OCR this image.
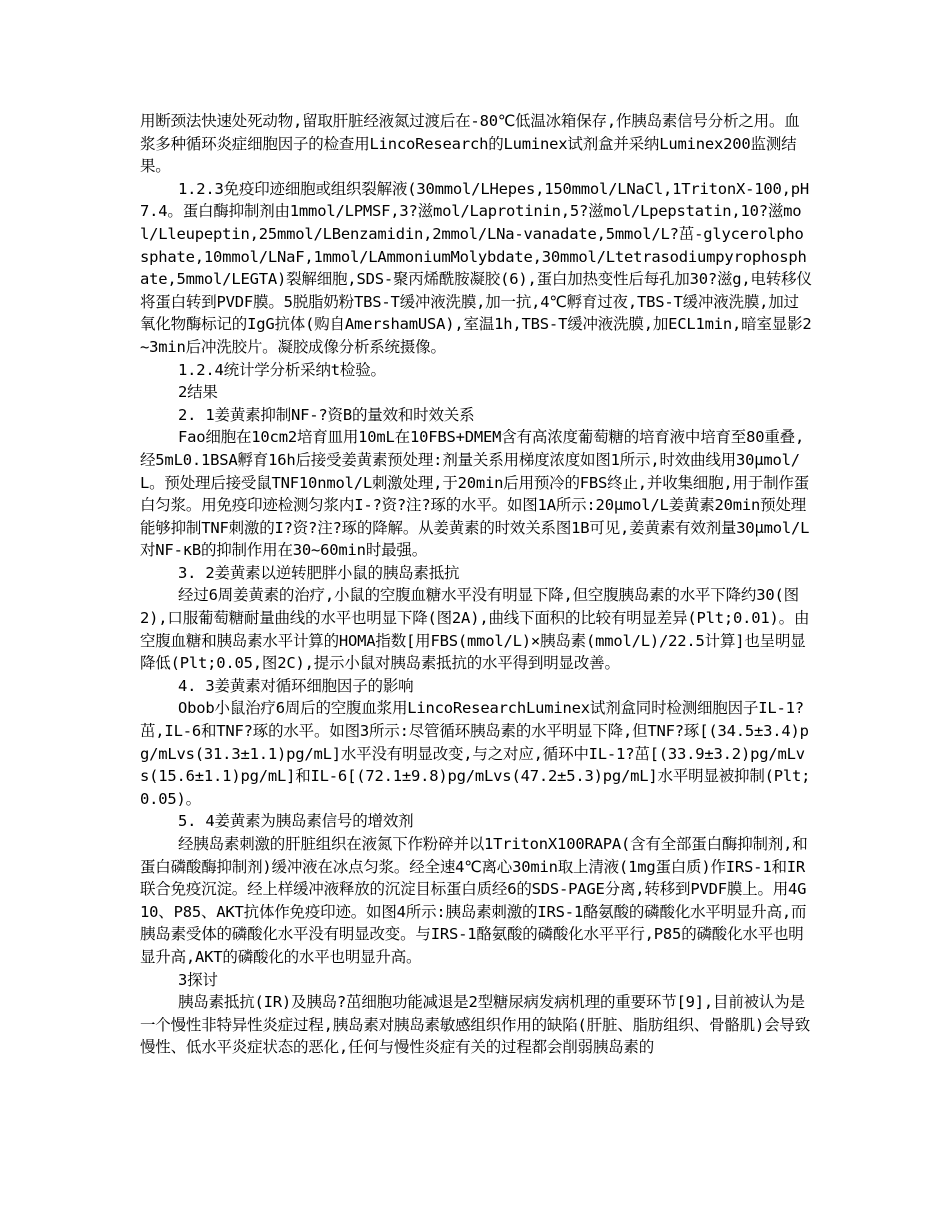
用断颈法快速处死动物,留取肝脏经液氮过渡后在-80℃低温冰箱保存,作胰岛素信号分析之用。血浆多种循环炎症细胞因子的检查用LincoResearch的Luminex试剂盒并采纳Luminex200监测结果。

1.2.3免疫印迹细胞或组织裂解液(30mmol/LHepes,150mmol/LNaCl,1TritonX-100,pH7.4。蛋白酶抑制剂由1mmol/LPMSF,3?滋mol/Laprotinin,5?滋mol/Lpepstatin,10?滋mol/Lleupeptin,25mmol/LBenzamidin,2mmol/LNa-vanadate,5mmol/L?茁-glycerolphosphate,10mmol/LNaF,1mmol/LAmmoniumMolybdate,30mmol/Ltetrasodiumpyrophosphate,5mmol/LEGTA)裂解细胞,SDS-聚丙烯酰胺凝胶(6),蛋白加热变性后每孔加30?滋g,电转移仪将蛋白转到PVDF膜。5脱脂奶粉TBS-T缓冲液洗膜,加一抗,4℃孵育过夜,TBS-T缓冲液洗膜,加过氧化物酶标记的IgG抗体(购自AmershamUSA),室温1h,TBS-T缓冲液洗膜,加ECL1min,暗室显影2~3min后冲洗胶片。凝胶成像分析系统摄像。

1.2.4统计学分析采纳t检验。

2结果

2. 1姜黄素抑制NF-?资B的量效和时效关系

Fao细胞在10cm2培育皿用10mL在10FBS+DMEM含有高浓度葡萄糖的培育液中培育至80重叠,经5mL0.1BSA孵育16h后接受姜黄素预处理:剂量关系用梯度浓度如图1所示,时效曲线用30μmol/L。预处理后接受鼠TNF10nmol/L刺激处理,于20min后用预冷的FBS终止,并收集细胞,用于制作蛋白匀浆。用免疫印迹检测匀浆内I-?资?注?琢的水平。如图1A所示:20μmol/L姜黄素20min预处理能够抑制TNF刺激的I?资?注?琢的降解。从姜黄素的时效关系图1B可见,姜黄素有效剂量30μmol/L对NF-κB的抑制作用在30~60min时最强。

3. 2姜黄素以逆转肥胖小鼠的胰岛素抵抗

经过6周姜黄素的治疗,小鼠的空腹血糖水平没有明显下降,但空腹胰岛素的水平下降约30(图2),口服葡萄糖耐量曲线的水平也明显下降(图2A),曲线下面积的比较有明显差异(Plt;0.01)。由空腹血糖和胰岛素水平计算的HOMA指数[用FBS(mmol/L)×胰岛素(mmol/L)/22.5计算]也呈明显降低(Plt;0.05,图2C),提示小鼠对胰岛素抵抗的水平得到明显改善。

4. 3姜黄素对循环细胞因子的影响

Obob小鼠治疗6周后的空腹血浆用LincoResearchLuminex试剂盒同时检测细胞因子IL-1?茁,IL-6和TNF?琢的水平。如图3所示:尽管循环胰岛素的水平明显下降,但TNF?琢[(34.5±3.4)pg/mLvs(31.3±1.1)pg/mL]水平没有明显改变,与之对应,循环中IL-1?茁[(33.9±3.2)pg/mLvs(15.6±1.1)pg/mL]和IL-6[(72.1±9.8)pg/mLvs(47.2±5.3)pg/mL]水平明显被抑制(Plt;0.05)。

5. 4姜黄素为胰岛素信号的增效剂

经胰岛素刺激的肝脏组织在液氮下作粉碎并以1TritonX100RAPA(含有全部蛋白酶抑制剂,和蛋白磷酸酶抑制剂)缓冲液在冰点匀浆。经全速4℃离心30min取上清液(1mg蛋白质)作IRS-1和IR联合免疫沉淀。经上样缓冲液释放的沉淀目标蛋白质经6的SDS-PAGE分离,转移到PVDF膜上。用4G10、P85、AKT抗体作免疫印迹。如图4所示:胰岛素刺激的IRS-1酪氨酸的磷酸化水平明显升高,而胰岛素受体的磷酸化水平没有明显改变。与IRS-1酪氨酸的磷酸化水平平行,P85的磷酸化水平也明显升高,AKT的磷酸化的水平也明显升高。

3探讨

胰岛素抵抗(IR)及胰岛?茁细胞功能减退是2型糖尿病发病机理的重要环节[9],目前被认为是一个慢性非特异性炎症过程,胰岛素对胰岛素敏感组织作用的缺陷(肝脏、脂肪组织、骨骼肌)会导致慢性、低水平炎症状态的恶化,任何与慢性炎症有关的过程都会削弱胰岛素的
